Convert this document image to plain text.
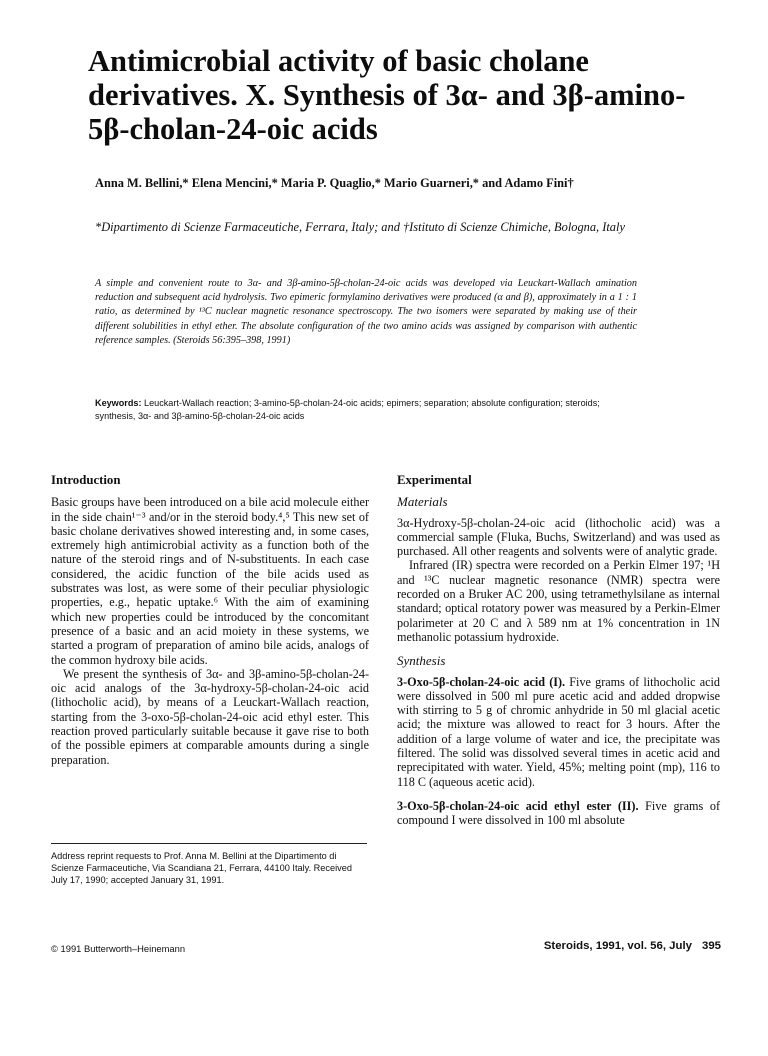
Antimicrobial activity of basic cholane derivatives. X. Synthesis of 3α- and 3β-amino-5β-cholan-24-oic acids
Anna M. Bellini,* Elena Mencini,* Maria P. Quaglio,* Mario Guarneri,* and Adamo Fini†
*Dipartimento di Scienze Farmaceutiche, Ferrara, Italy; and †Istituto di Scienze Chimiche, Bologna, Italy
A simple and convenient route to 3α- and 3β-amino-5β-cholan-24-oic acids was developed via Leuckart-Wallach amination reduction and subsequent acid hydrolysis. Two epimeric formylamino derivatives were produced (α and β), approximately in a 1 : 1 ratio, as determined by ¹³C nuclear magnetic resonance spectroscopy. The two isomers were separated by making use of their different solubilities in ethyl ether. The absolute configuration of the two amino acids was assigned by comparison with authentic reference samples. (Steroids 56:395–398, 1991)
Keywords: Leuckart-Wallach reaction; 3-amino-5β-cholan-24-oic acids; epimers; separation; absolute configuration; steroids; synthesis, 3α- and 3β-amino-5β-cholan-24-oic acids
Introduction

Basic groups have been introduced on a bile acid molecule either in the side chain¹⁻³ and/or in the steroid body.⁴,⁵ This new set of basic cholane derivatives showed interesting and, in some cases, extremely high antimicrobial activity as a function both of the nature of the steroid rings and of N-substituents. In each case considered, the acidic function of the bile acids used as substrates was lost, as were some of their peculiar physiologic properties, e.g., hepatic uptake.⁶ With the aim of examining which new properties could be introduced by the concomitant presence of a basic and an acid moiety in these systems, we started a program of preparation of amino bile acids, analogs of the common hydroxy bile acids.

We present the synthesis of 3α- and 3β-amino-5β-cholan-24-oic acid analogs of the 3α-hydroxy-5β-cholan-24-oic acid (lithocholic acid), by means of a Leuckart-Wallach reaction, starting from the 3-oxo-5β-cholan-24-oic acid ethyl ester. This reaction proved particularly suitable because it gave rise to both of the possible epimers at comparable amounts during a single preparation.

Experimental
Materials

3α-Hydroxy-5β-cholan-24-oic acid (lithocholic acid) was a commercial sample (Fluka, Buchs, Switzerland) and was used as purchased. All other reagents and solvents were of analytic grade.

Infrared (IR) spectra were recorded on a Perkin Elmer 197; ¹H and ¹³C nuclear magnetic resonance (NMR) spectra were recorded on a Bruker AC 200, using tetramethylsilane as internal standard; optical rotatory power was measured by a Perkin-Elmer polarimeter at 20 C and λ 589 nm at 1% concentration in 1N methanolic potassium hydroxide.

Synthesis

3-Oxo-5β-cholan-24-oic acid (I). Five grams of lithocholic acid were dissolved in 500 ml pure acetic acid and added dropwise with stirring to 5 g of chromic anhydride in 50 ml glacial acetic acid; the mixture was allowed to react for 3 hours. After the addition of a large volume of water and ice, the precipitate was filtered. The solid was dissolved several times in acetic acid and reprecipitated with water. Yield, 45%; melting point (mp), 116 to 118 C (aqueous acetic acid).

3-Oxo-5β-cholan-24-oic acid ethyl ester (II). Five grams of compound I were dissolved in 100 ml absolute

Address reprint requests to Prof. Anna M. Bellini at the Dipartimento di Scienze Farmaceutiche, Via Scandiana 21, Ferrara, 44100 Italy. Received July 17, 1990; accepted January 31, 1991.
© 1991 Butterworth–Heinemann	Steroids, 1991, vol. 56, July 395
